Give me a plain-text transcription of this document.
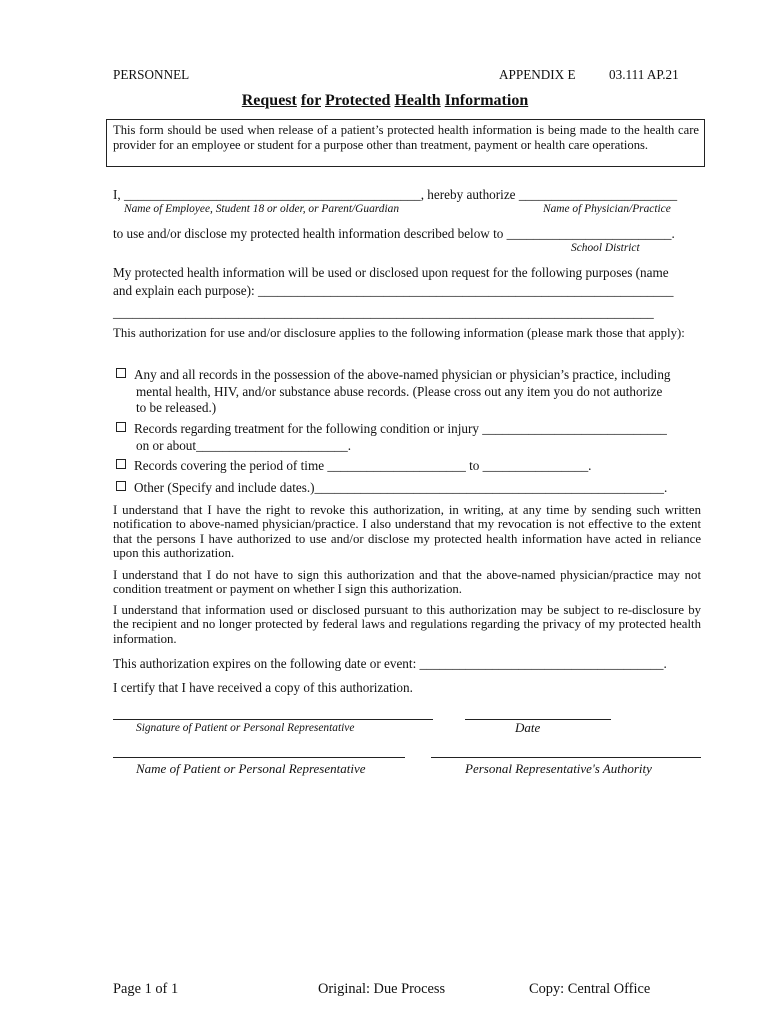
PERSONNEL	APPENDIX E	03.111 AP.21
Request for Protected Health Information
This form should be used when release of a patient’s protected health information is being made to the health care provider for an employee or student for a purpose other than treatment, payment or health care operations.
I, _____________________________________________, hereby authorize ________________________
Name of Employee, Student 18 or older, or Parent/Guardian	Name of Physician/Practice
to use and/or disclose my protected health information described below to _________________________.
School District
My protected health information will be used or disclosed upon request for the following purposes (name
and explain each purpose): _______________________________________________________________
__________________________________________________________________________________
This authorization for use and/or disclosure applies to the following information (please mark those that apply):
Any and all records in the possession of the above-named physician or physician’s practice, including
mental health, HIV, and/or substance abuse records. (Please cross out any item you do not authorize
to be released.)
Records regarding treatment for the following condition or injury ____________________________
on or about_______________________.
Records covering the period of time _____________________ to ________________.
Other (Specify and include dates.)_____________________________________________________.
I understand that I have the right to revoke this authorization, in writing, at any time by sending such written notification to above-named physician/practice. I also understand that my revocation is not effective to the extent that the persons I have authorized to use and/or disclose my protected health information have acted in reliance upon this authorization.
I understand that I do not have to sign this authorization and that the above-named physician/practice may not condition treatment or payment on whether I sign this authorization.
I understand that information used or disclosed pursuant to this authorization may be subject to re-disclosure by the recipient and no longer protected by federal laws and regulations regarding the privacy of my protected health information.
This authorization expires on the following date or event: _____________________________________.
I certify that I have received a copy of this authorization.
Signature of Patient or Personal Representative	Date
Name of Patient or Personal Representative	Personal Representative's Authority
Page 1 of 1	Original: Due Process	Copy: Central Office
